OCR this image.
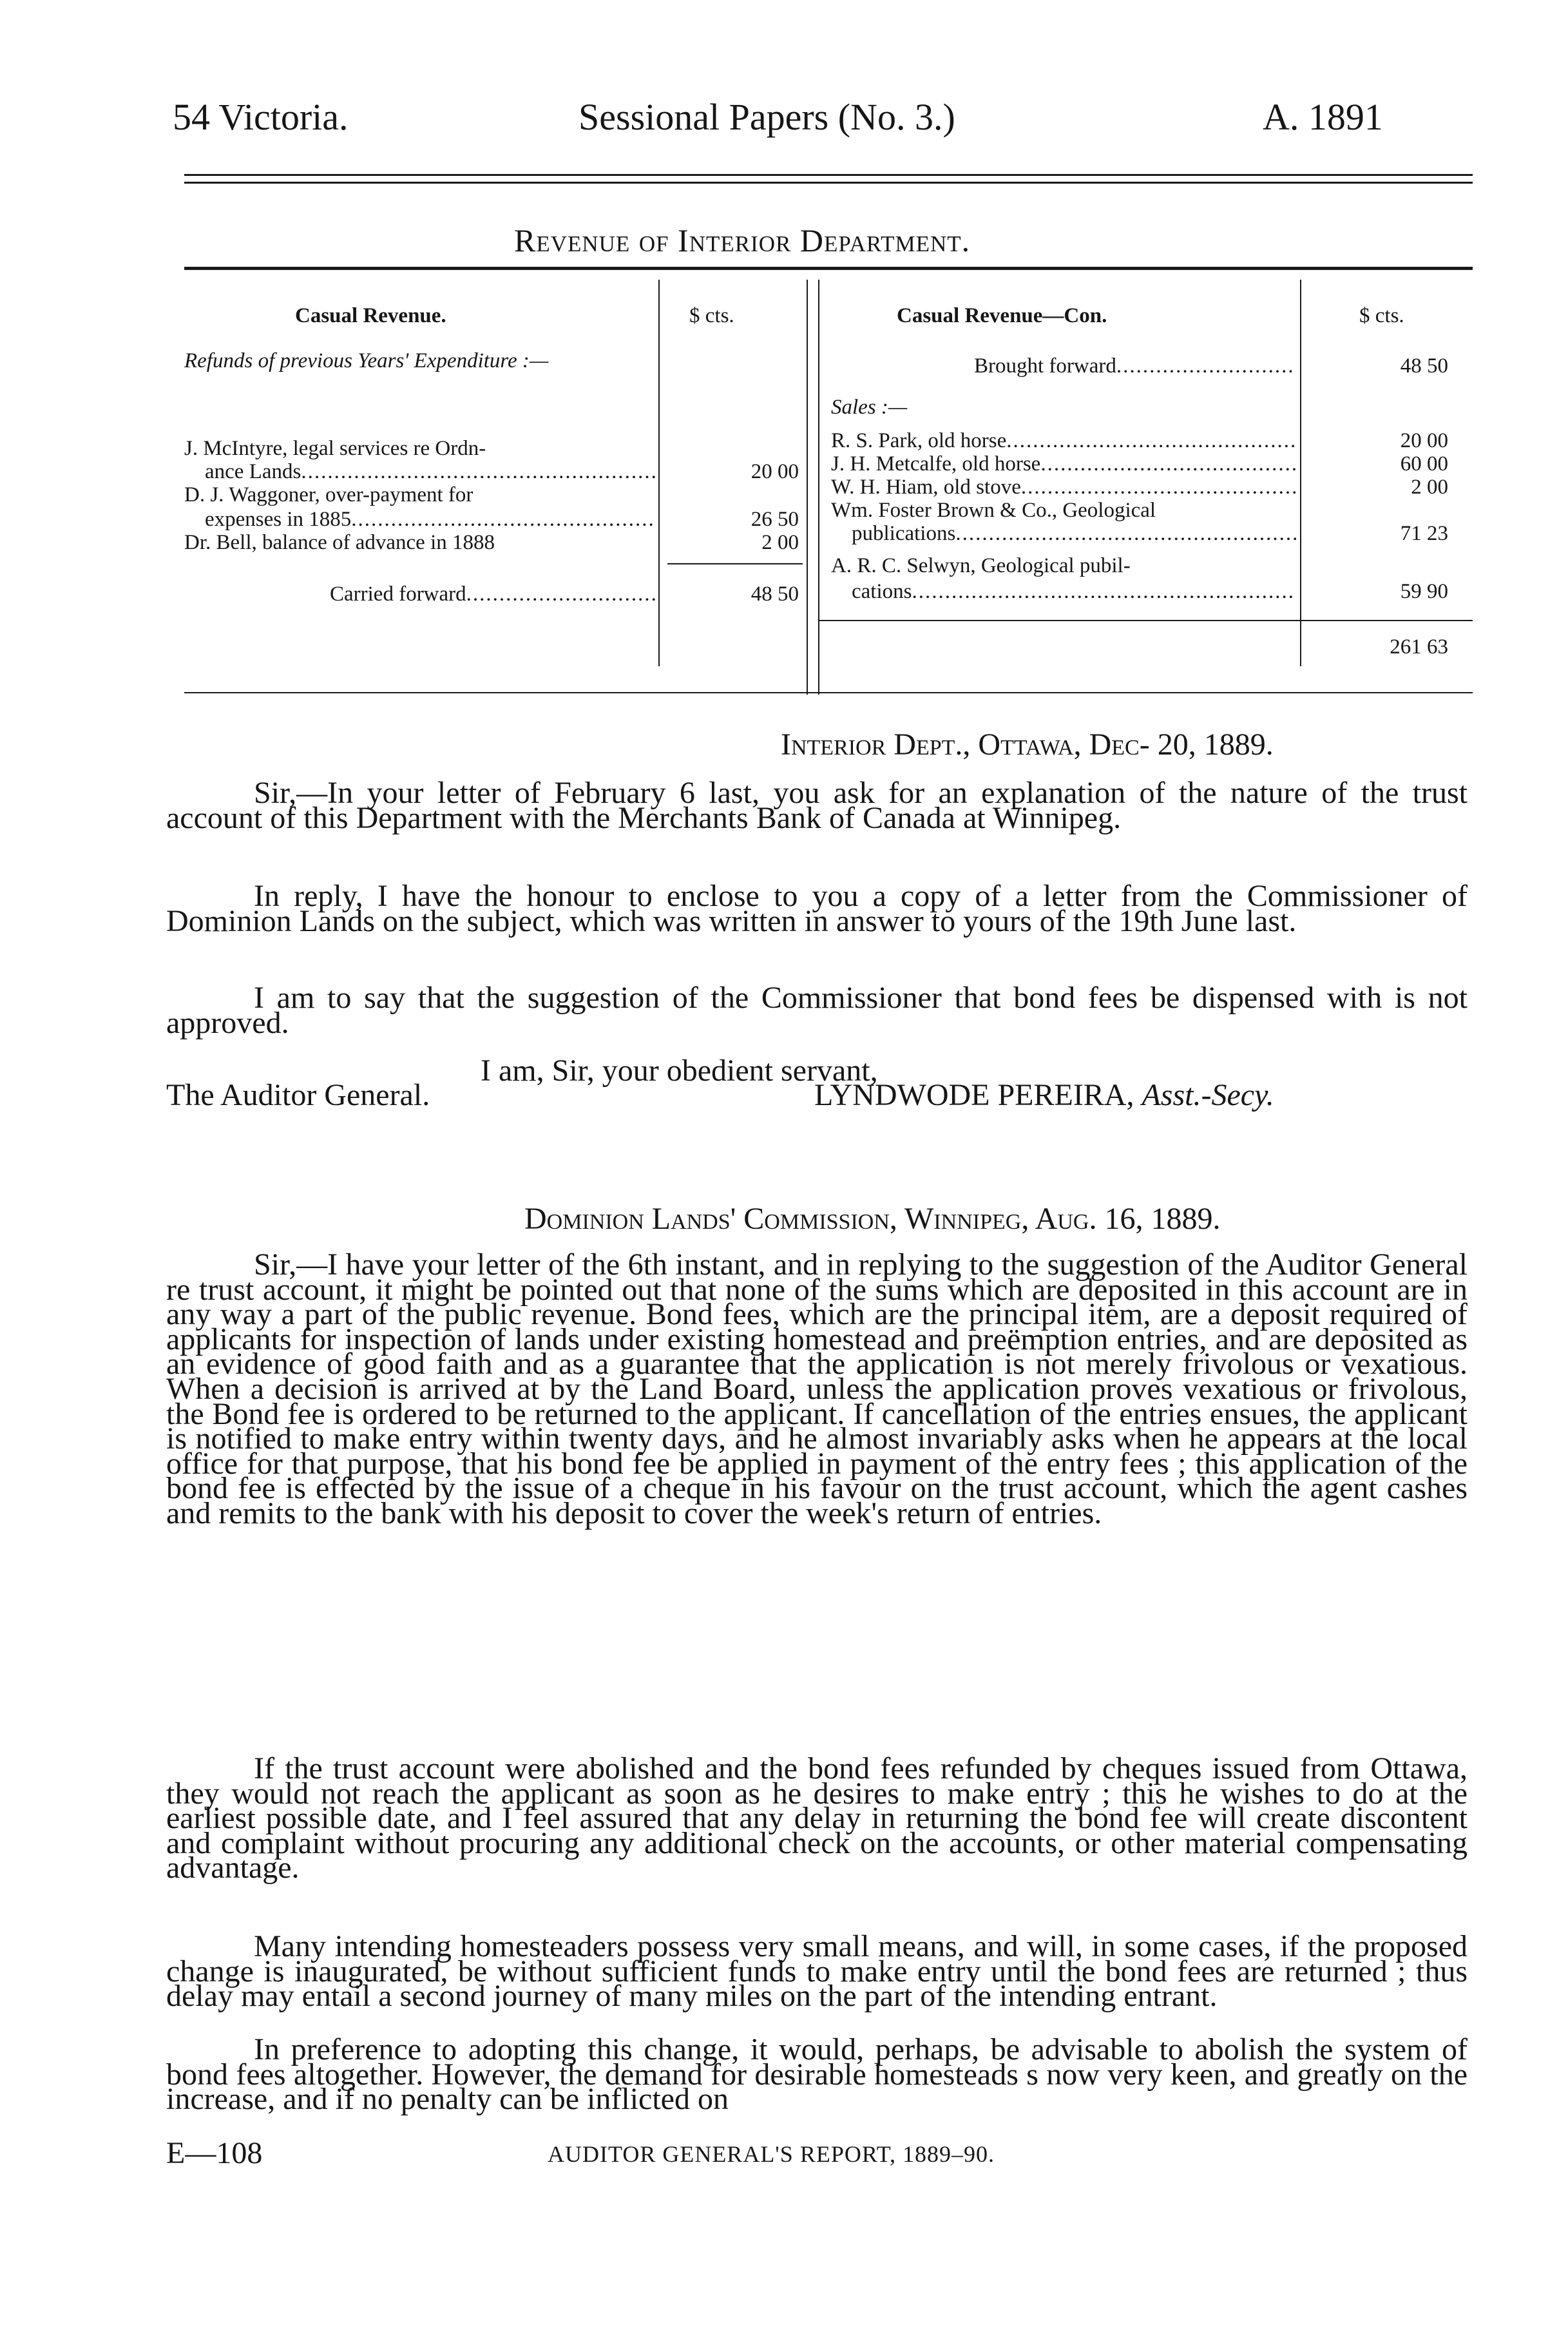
54 Victoria.	Sessional Papers (No. 3.)	A. 1891
Revenue of Interior Department.
Casual Revenue.	$ cts.
Refunds of previous Years' Expenditure :—
J. McIntyre, legal services re Ordn-
ance Lands .....	20 00
D. J. Waggoner, over-payment for
expenses in 1885 .....	26 50
Dr. Bell, balance of advance in 1888	2 00
Carried forward .....	48 50
Casual Revenue—Con.	$ cts.
Brought forward .....	48 50
Sales :—
R. S. Park, old horse .....	20 00
J. H. Metcalfe, old horse .....	60 00
W. H. Hiam, old stove .....	2 00
Wm. Foster Brown & Co., Geological
publications .....	71 23
A. R. C. Selwyn, Geological pubil-
cations .....	59 90
261 63
Interior Dept., Ottawa, Dec- 20, 1889.
Sir,—In your letter of February 6 last, you ask for an explanation of the nature of the trust account of this Department with the Merchants Bank of Canada at Winnipeg.
In reply, I have the honour to enclose to you a copy of a letter from the Commissioner of Dominion Lands on the subject, which was written in answer to yours of the 19th June last.
I am to say that the suggestion of the Commissioner that bond fees be dispensed with is not approved.
I am, Sir, your obedient servant,
The Auditor General.	LYNDWODE PEREIRA, Asst.-Secy.
Dominion Lands' Commission, Winnipeg, Aug. 16, 1889.
Sir,—I have your letter of the 6th instant, and in replying to the suggestion of the Auditor General re trust account, it might be pointed out that none of the sums which are deposited in this account are in any way a part of the public revenue. Bond fees, which are the principal item, are a deposit required of applicants for inspection of lands under existing homestead and preëmption entries, and are deposited as an evidence of good faith and as a guarantee that the application is not merely frivolous or vexatious. When a decision is arrived at by the Land Board, unless the application proves vexatious or frivolous, the Bond fee is ordered to be returned to the applicant. If cancellation of the entries ensues, the applicant is notified to make entry within twenty days, and he almost invariably asks when he appears at the local office for that purpose, that his bond fee be applied in payment of the entry fees ; this application of the bond fee is effected by the issue of a cheque in his favour on the trust account, which the agent cashes and remits to the bank with his deposit to cover the week's return of entries.
If the trust account were abolished and the bond fees refunded by cheques issued from Ottawa, they would not reach the applicant as soon as he desires to make entry ; this he wishes to do at the earliest possible date, and I feel assured that any delay in returning the bond fee will create discontent and complaint without procuring any additional check on the accounts, or other material compensating advantage.
Many intending homesteaders possess very small means, and will, in some cases, if the proposed change is inaugurated, be without sufficient funds to make entry until the bond fees are returned ; thus delay may entail a second journey of many miles on the part of the intending entrant.
In preference to adopting this change, it would, perhaps, be advisable to abolish the system of bond fees altogether. However, the demand for desirable homesteads s now very keen, and greatly on the increase, and if no penalty can be inflicted on
E—108	AUDITOR GENERAL'S REPORT, 1889–90.
